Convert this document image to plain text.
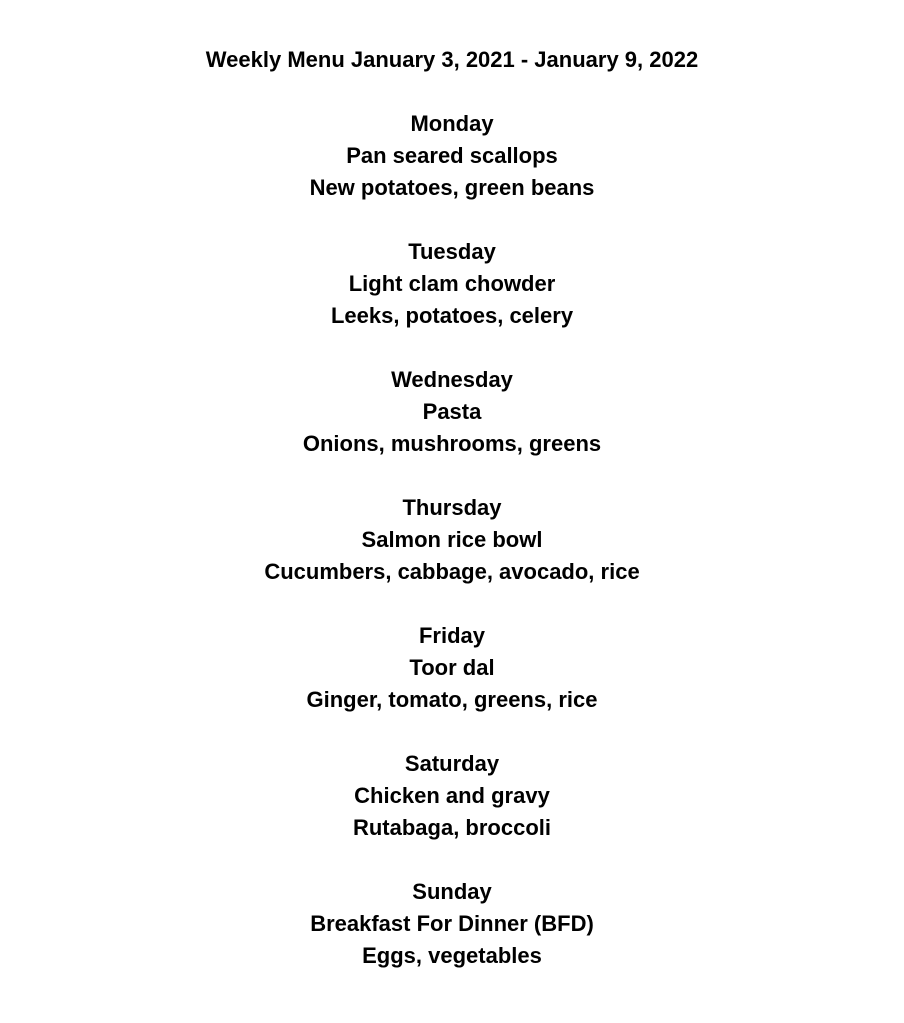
Weekly Menu January 3, 2021 - January 9, 2022
Monday
Pan seared scallops
New potatoes, green beans
Tuesday
Light clam chowder
Leeks, potatoes, celery
Wednesday
Pasta
Onions, mushrooms, greens
Thursday
Salmon rice bowl
Cucumbers, cabbage, avocado, rice
Friday
Toor dal
Ginger, tomato, greens, rice
Saturday
Chicken and gravy
Rutabaga, broccoli
Sunday
Breakfast For Dinner (BFD)
Eggs, vegetables
